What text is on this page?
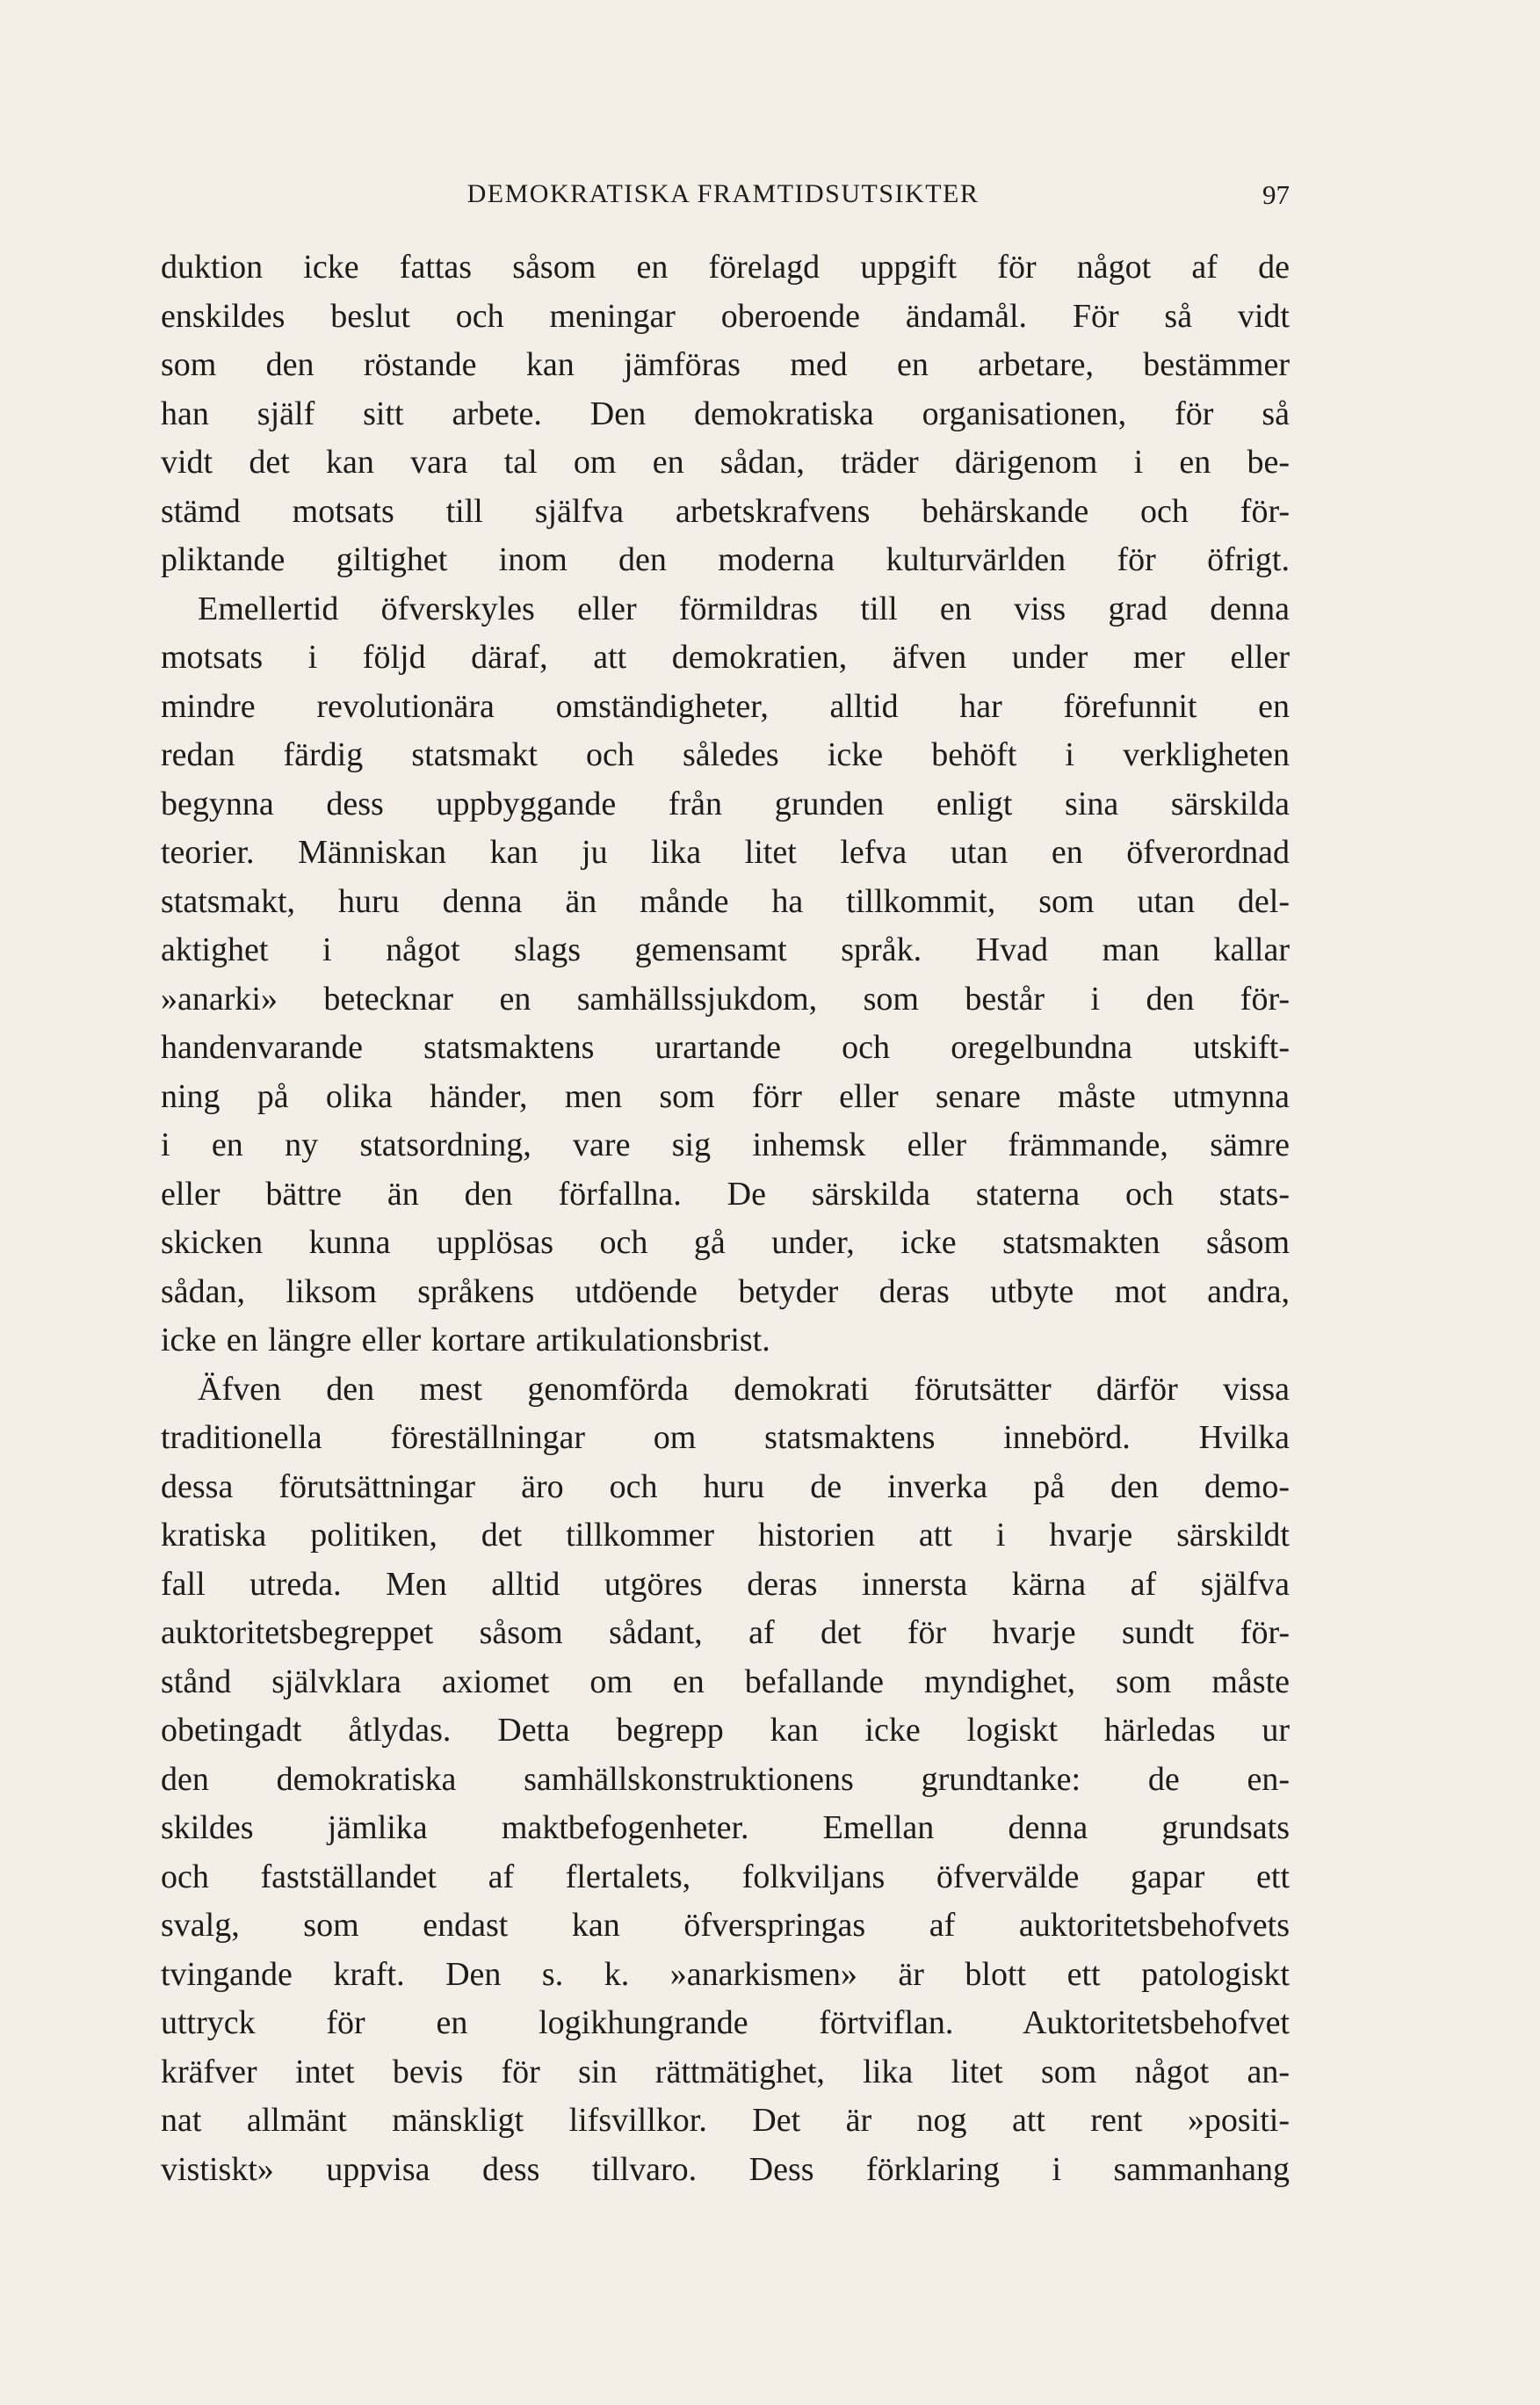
DEMOKRATISKA FRAMTIDSUTSIKTER	97
duktion icke fattas såsom en förelagd uppgift för något af de
enskildes beslut och meningar oberoende ändamål. För så vidt
som den röstande kan jämföras med en arbetare, bestämmer
han själf sitt arbete. Den demokratiska organisationen, för så
vidt det kan vara tal om en sådan, träder därigenom i en be-
stämd motsats till själfva arbetskrafvens behärskande och för-
pliktande giltighet inom den moderna kulturvärlden för öfrigt.
Emellertid öfverskyles eller förmildras till en viss grad denna
motsats i följd däraf, att demokratien, äfven under mer eller
mindre revolutionära omständigheter, alltid har förefunnit en
redan färdig statsmakt och således icke behöft i verkligheten
begynna dess uppbyggande från grunden enligt sina särskilda
teorier. Människan kan ju lika litet lefva utan en öfverordnad
statsmakt, huru denna än månde ha tillkommit, som utan del-
aktighet i något slags gemensamt språk. Hvad man kallar
»anarki» betecknar en samhällssjukdom, som består i den för-
handenvarande statsmaktens urartande och oregelbundna utskift-
ning på olika händer, men som förr eller senare måste utmynna
i en ny statsordning, vare sig inhemsk eller främmande, sämre
eller bättre än den förfallna. De särskilda staterna och stats-
skicken kunna upplösas och gå under, icke statsmakten såsom
sådan, liksom språkens utdöende betyder deras utbyte mot andra,
icke en längre eller kortare artikulationsbrist.
Äfven den mest genomförda demokrati förutsätter därför vissa
traditionella föreställningar om statsmaktens innebörd. Hvilka
dessa förutsättningar äro och huru de inverka på den demo-
kratiska politiken, det tillkommer historien att i hvarje särskildt
fall utreda. Men alltid utgöres deras innersta kärna af själfva
auktoritetsbegreppet såsom sådant, af det för hvarje sundt för-
stånd självklara axiomet om en befallande myndighet, som måste
obetingadt åtlydas. Detta begrepp kan icke logiskt härledas ur
den demokratiska samhällskonstruktionens grundtanke: de en-
skildes jämlika maktbefogenheter. Emellan denna grundsats
och fastställandet af flertalets, folkviljans öfvervälde gapar ett
svalg, som endast kan öfverspringas af auktoritetsbehofvets
tvingande kraft. Den s. k. »anarkismen» är blott ett patologiskt
uttryck för en logikhungrande förtviflan. Auktoritetsbehofvet
kräfver intet bevis för sin rättmätighet, lika litet som något an-
nat allmänt mänskligt lifsvillkor. Det är nog att rent »positi-
vistiskt» uppvisa dess tillvaro. Dess förklaring i sammanhang
